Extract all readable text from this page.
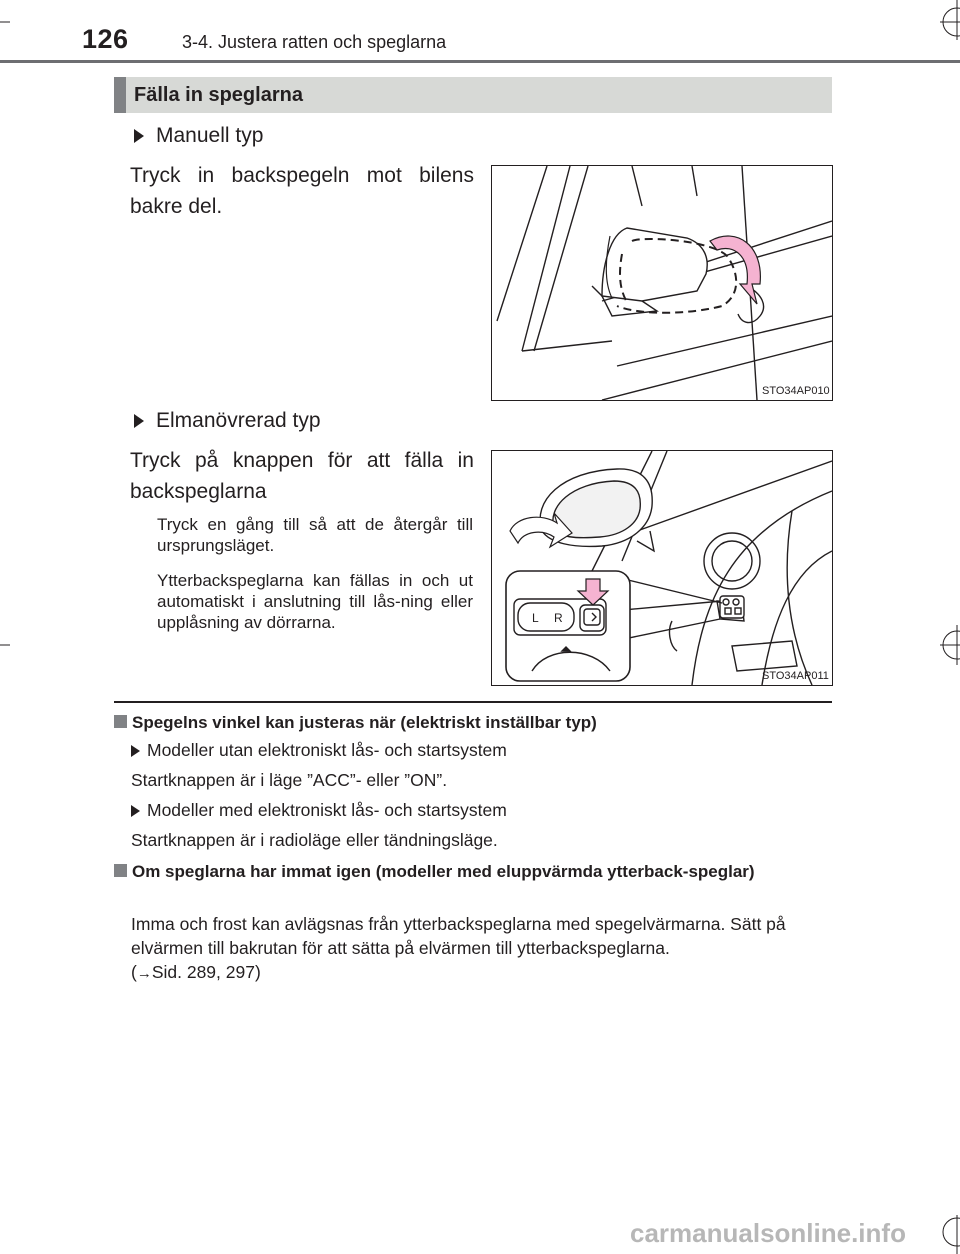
126	3-4. Justera ratten och speglarna
Fälla in speglarna
Manuell typ
Tryck in backspegeln mot bilens bakre del.
STO34AP010
Elmanövrerad typ
Tryck på knappen för att fälla in backspeglarna
Tryck en gång till så att de återgår till ursprungsläget.
Ytterbackspeglarna kan fällas in och ut automatiskt i anslutning till lås-ning eller upplåsning av dörrarna.	L R
STO34AP011
Spegelns vinkel kan justeras när (elektriskt inställbar typ)
Modeller utan elektroniskt lås- och startsystem
Startknappen är i läge ”ACC”- eller ”ON”.
Modeller med elektroniskt lås- och startsystem
Startknappen är i radioläge eller tändningsläge.
Om speglarna har immat igen (modeller med eluppvärmda ytterback-speglar)
Imma och frost kan avlägsnas från ytterbackspeglarna med spegelvärmarna. Sätt på elvärmen till bakrutan för att sätta på elvärmen till ytterbackspeglarna.
(→Sid. 289, 297)
carmanualsonline.info
